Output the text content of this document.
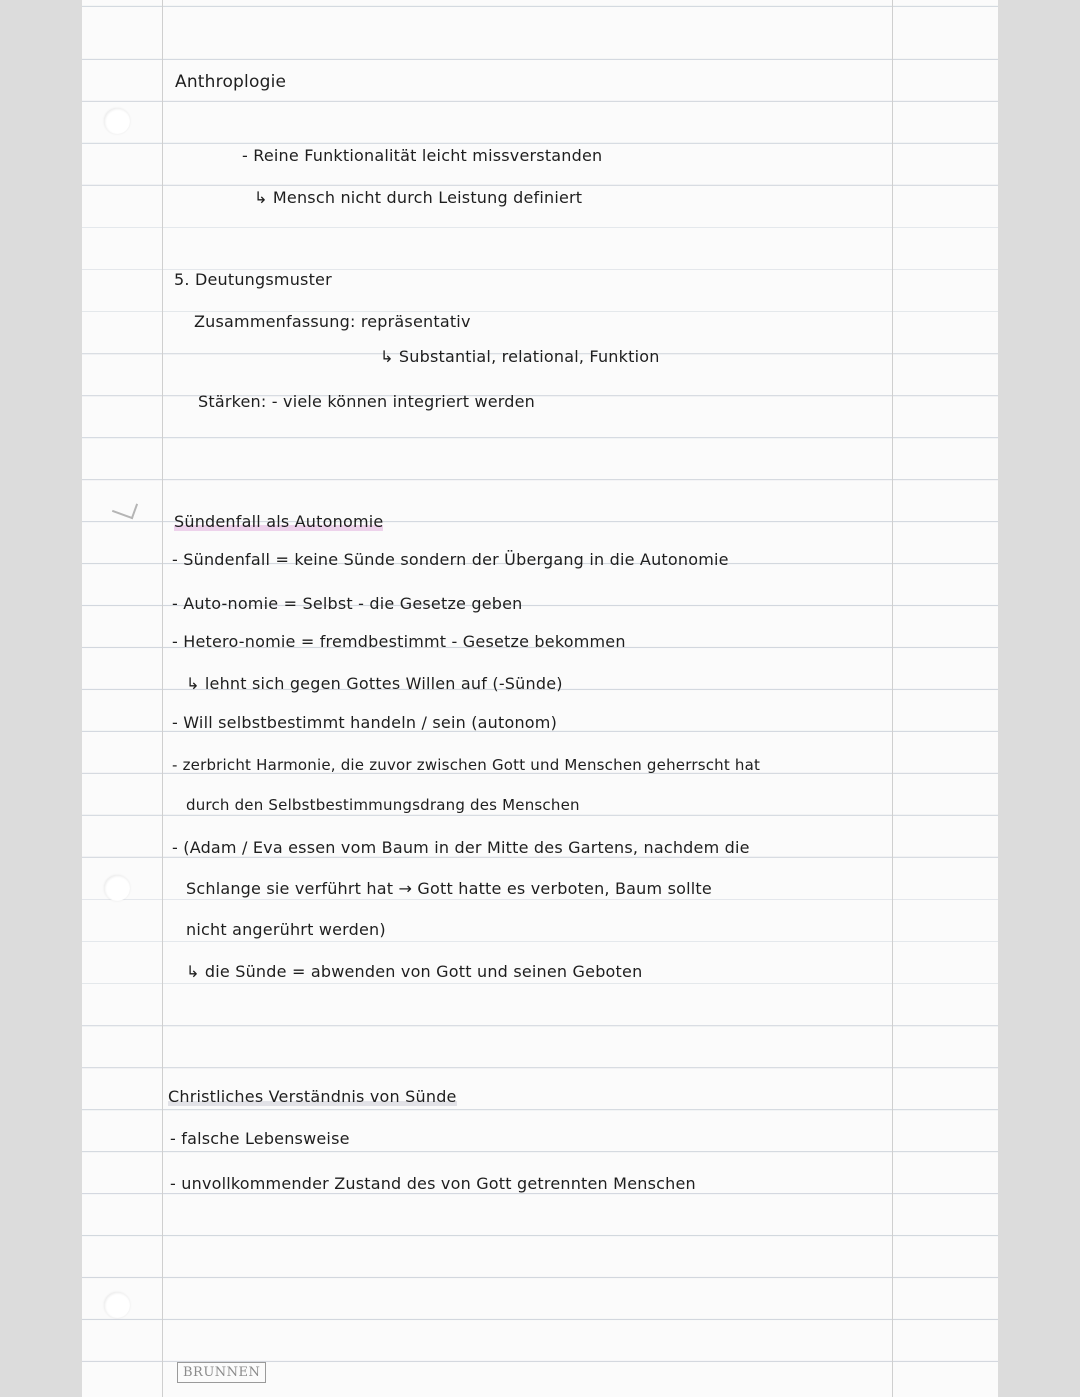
Anthroplogie
- Reine Funktionalität leicht missverstanden
↳ Mensch nicht durch Leistung definiert
5. Deutungsmuster
Zusammenfassung: repräsentativ
↳ Substantial, relational, Funktion
Stärken: - viele können integriert werden
Sündenfall als Autonomie
- Sündenfall = keine Sünde sondern der Übergang in die Autonomie
- Auto-nomie = Selbst - die Gesetze geben
- Hetero-nomie = fremdbestimmt - Gesetze bekommen
↳ lehnt sich gegen Gottes Willen auf (-Sünde)
- Will selbstbestimmt handeln / sein (autonom)
- zerbricht Harmonie, die zuvor zwischen Gott und Menschen geherrscht hat
durch den Selbstbestimmungsdrang des Menschen
- (Adam / Eva essen vom Baum in der Mitte des Gartens, nachdem die
Schlange sie verführt hat → Gott hatte es verboten, Baum sollte
nicht angerührt werden)
↳ die Sünde = abwenden von Gott und seinen Geboten
Christliches Verständnis von Sünde
- falsche Lebensweise
- unvollkommender Zustand des von Gott getrennten Menschen
BRUNNEN
